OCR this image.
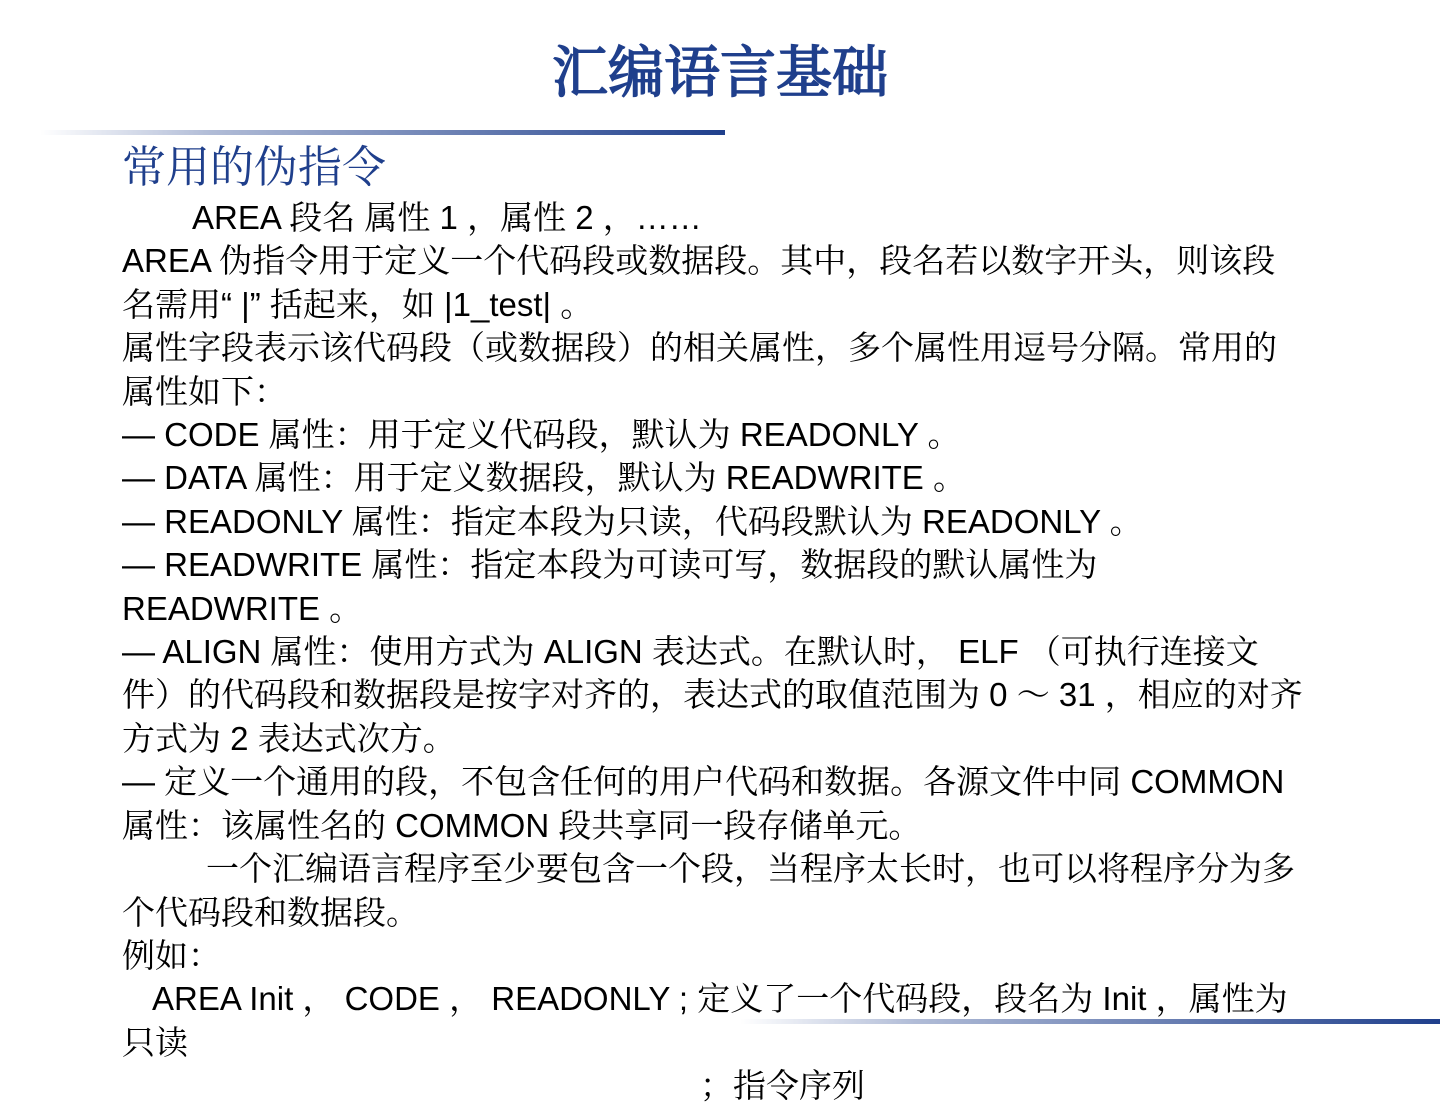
汇编语言基础
常用的伪指令
AREA 段名 属性 1 ，属性 2 ，……
AREA 伪指令用于定义一个代码段或数据段。其中，段名若以数字开头，则该段
名需用“ |” 括起来，如 |1_test| 。
属性字段表示该代码段（或数据段）的相关属性，多个属性用逗号分隔。常用的
属性如下：
— CODE 属性：用于定义代码段，默认为 READONLY 。
— DATA 属性：用于定义数据段，默认为 READWRITE 。
— READONLY 属性：指定本段为只读，代码段默认为 READONLY 。
— READWRITE 属性：指定本段为可读可写，数据段的默认属性为
READWRITE 。
— ALIGN 属性：使用方式为 ALIGN 表达式。在默认时， ELF （可执行连接文
件）的代码段和数据段是按字对齐的，表达式的取值范围为 0 ～ 31 ，相应的对齐
方式为 2 表达式次方。
— 定义一个通用的段，不包含任何的用户代码和数据。各源文件中同 COMMON
属性：该属性名的 COMMON 段共享同一段存储单元。
一个汇编语言程序至少要包含一个段，当程序太长时，也可以将程序分为多
个代码段和数据段。
例如：
AREA Init ， CODE ， READONLY ; 定义了一个代码段，段名为 Init ，属性为
只读
；指令序列
